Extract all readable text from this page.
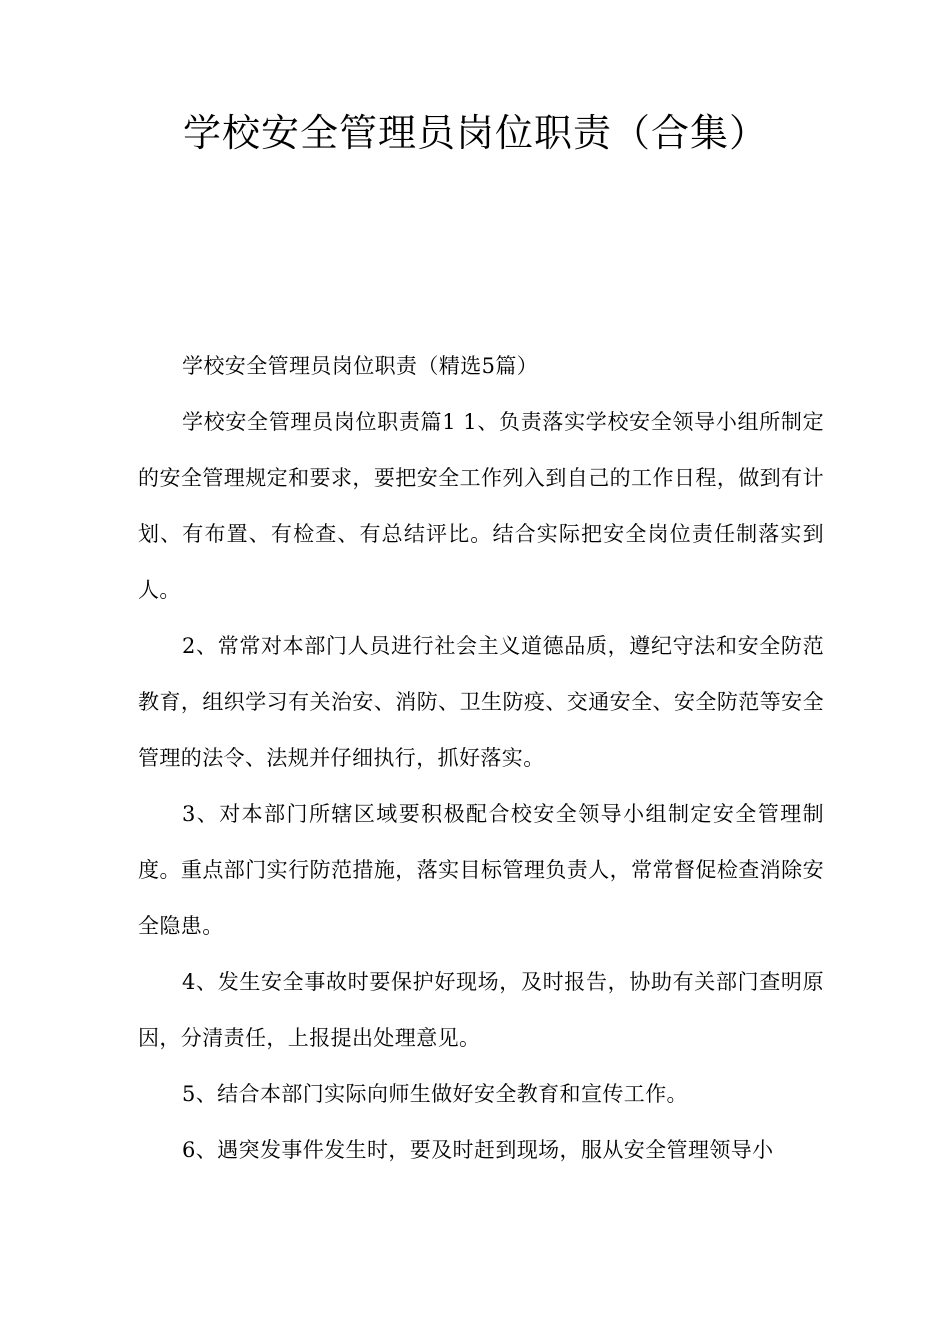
学校安全管理员岗位职责（合集）

学校安全管理员岗位职责（精选5篇）

学校安全管理员岗位职责篇1 1、负责落实学校安全领导小组所制定的安全管理规定和要求，要把安全工作列入到自己的工作日程，做到有计划、有布置、有检查、有总结评比。结合实际把安全岗位责任制落实到人。

2、常常对本部门人员进行社会主义道德品质，遵纪守法和安全防范教育，组织学习有关治安、消防、卫生防疫、交通安全、安全防范等安全管理的法令、法规并仔细执行，抓好落实。

3、对本部门所辖区域要积极配合校安全领导小组制定安全管理制度。重点部门实行防范措施，落实目标管理负责人，常常督促检查消除安全隐患。

4、发生安全事故时要保护好现场，及时报告，协助有关部门查明原因，分清责任，上报提出处理意见。

5、结合本部门实际向师生做好安全教育和宣传工作。

6、遇突发事件发生时，要及时赶到现场，服从安全管理领导小
